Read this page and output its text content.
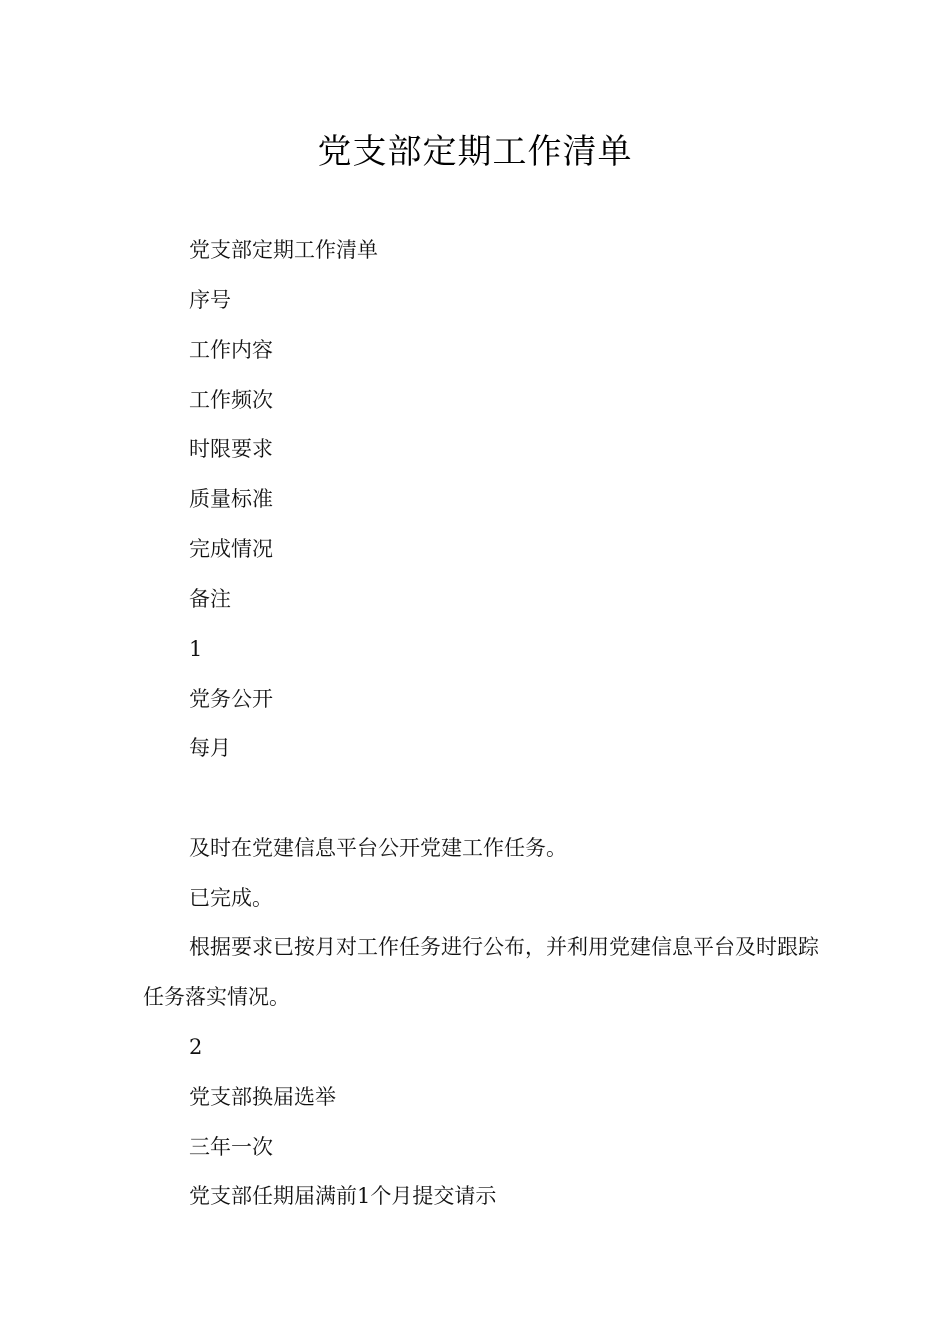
党支部定期工作清单
党支部定期工作清单
序号
工作内容
工作频次
时限要求
质量标准
完成情况
备注
1
党务公开
每月
及时在党建信息平台公开党建工作任务。
已完成。
根据要求已按月对工作任务进行公布，并利用党建信息平台及时跟踪任务落实情况。
2
党支部换届选举
三年一次
党支部任期届满前1个月提交请示
